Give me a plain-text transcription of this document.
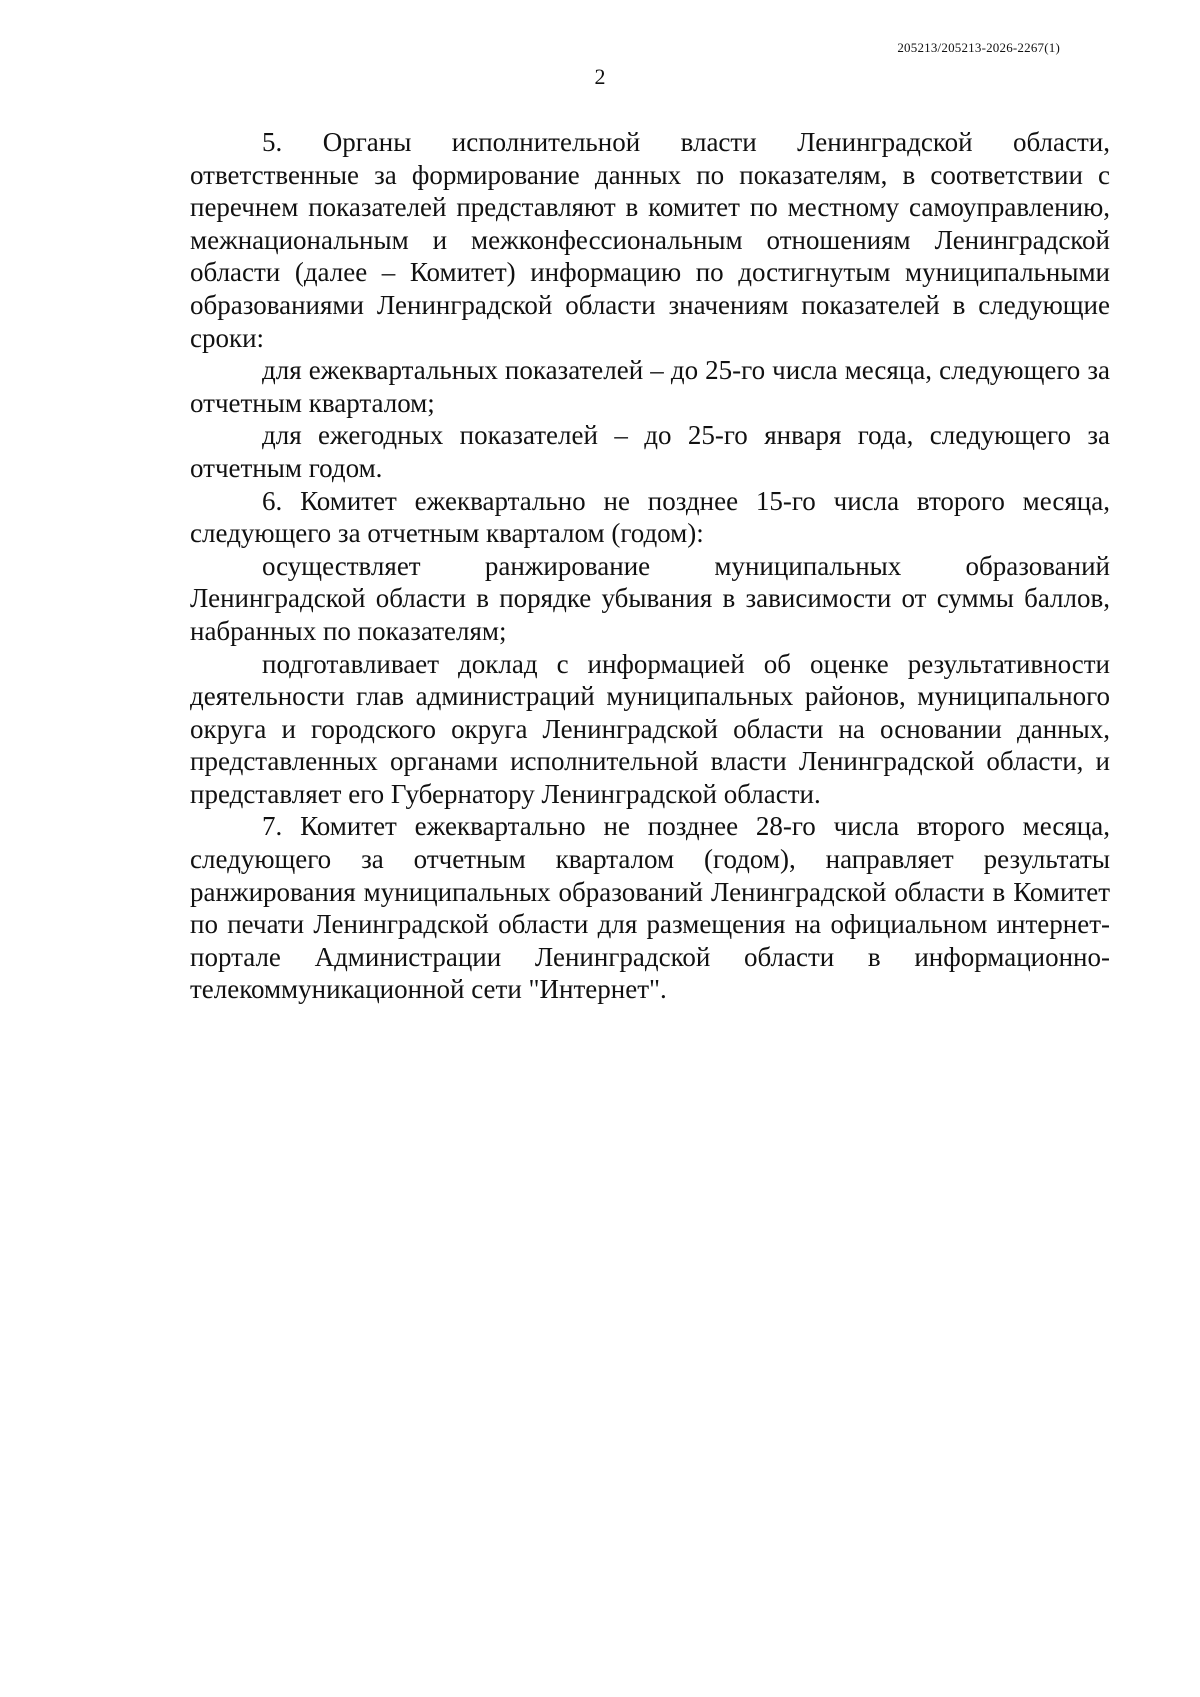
205213/205213-2026-2267(1)
2

5. Органы исполнительной власти Ленинградской области, ответственные за формирование данных по показателям, в соответствии с перечнем показателей представляют в комитет по местному самоуправлению, межнациональным и межконфессиональным отношениям Ленинградской области (далее – Комитет) информацию по достигнутым муниципальными образованиями Ленинградской области значениям показателей в следующие сроки:

для ежеквартальных показателей – до 25-го числа месяца, следующего за отчетным кварталом;

для ежегодных показателей – до 25-го января года, следующего за отчетным годом.

6. Комитет ежеквартально не позднее 15-го числа второго месяца, следующего за отчетным кварталом (годом):

осуществляет ранжирование муниципальных образований Ленинградской области в порядке убывания в зависимости от суммы баллов, набранных по показателям;

подготавливает доклад с информацией об оценке результативности деятельности глав администраций муниципальных районов, муниципального округа и городского округа Ленинградской области на основании данных, представленных органами исполнительной власти Ленинградской области, и представляет его Губернатору Ленинградской области.

7. Комитет ежеквартально не позднее 28-го числа второго месяца, следующего за отчетным кварталом (годом), направляет результаты ранжирования муниципальных образований Ленинградской области в Комитет по печати Ленинградской области для размещения на официальном интернет-портале Администрации Ленинградской области в информационно-телекоммуникационной сети "Интернет".
